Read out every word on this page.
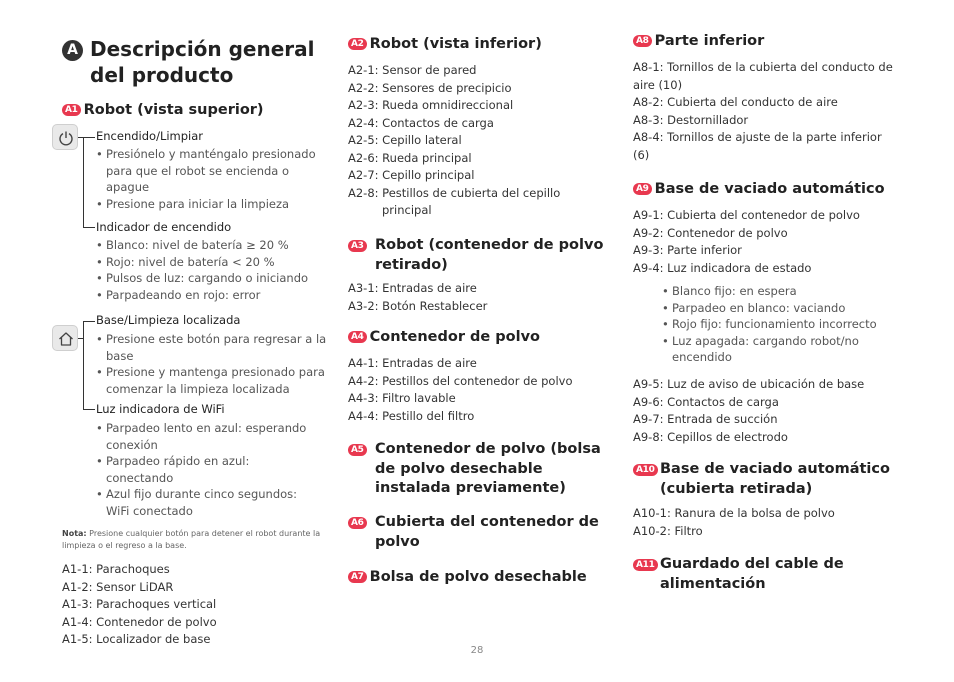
A Descripción general del producto
A1 Robot (vista superior)
Encendido/Limpiar
• Presiónelo y manténgalo presionado para que el robot se encienda o apague
• Presione para iniciar la limpieza
Indicador de encendido
• Blanco: nivel de batería ≥ 20 %
• Rojo: nivel de batería < 20 %
• Pulsos de luz: cargando o iniciando
• Parpadeando en rojo: error
Base/Limpieza localizada
• Presione este botón para regresar a la base
• Presione y mantenga presionado para comenzar la limpieza localizada
Luz indicadora de WiFi
• Parpadeo lento en azul: esperando conexión
• Parpadeo rápido en azul: conectando
• Azul fijo durante cinco segundos: WiFi conectado
Nota: Presione cualquier botón para detener el robot durante la limpieza o el regreso a la base.
A1-1: Parachoques
A1-2: Sensor LiDAR
A1-3: Parachoques vertical
A1-4: Contenedor de polvo
A1-5: Localizador de base
A2 Robot (vista inferior)
A2-1: Sensor de pared
A2-2: Sensores de precipicio
A2-3: Rueda omnidireccional
A2-4: Contactos de carga
A2-5: Cepillo lateral
A2-6: Rueda principal
A2-7: Cepillo principal
A2-8: Pestillos de cubierta del cepillo principal
A3 Robot (contenedor de polvo retirado)
A3-1: Entradas de aire
A3-2: Botón Restablecer
A4 Contenedor de polvo
A4-1: Entradas de aire
A4-2: Pestillos del contenedor de polvo
A4-3: Filtro lavable
A4-4: Pestillo del filtro
A5 Contenedor de polvo (bolsa de polvo desechable instalada previamente)
A6 Cubierta del contenedor de polvo
A7 Bolsa de polvo desechable
A8 Parte inferior
A8-1: Tornillos de la cubierta del conducto de aire (10)
A8-2: Cubierta del conducto de aire
A8-3: Destornillador
A8-4: Tornillos de ajuste de la parte inferior (6)
A9 Base de vaciado automático
A9-1: Cubierta del contenedor de polvo
A9-2: Contenedor de polvo
A9-3: Parte inferior
A9-4: Luz indicadora de estado
• Blanco fijo: en espera
• Parpadeo en blanco: vaciando
• Rojo fijo: funcionamiento incorrecto
• Luz apagada: cargando robot/no encendido
A9-5: Luz de aviso de ubicación de base
A9-6: Contactos de carga
A9-7: Entrada de succión
A9-8: Cepillos de electrodo
A10 Base de vaciado automático (cubierta retirada)
A10-1: Ranura de la bolsa de polvo
A10-2: Filtro
A11 Guardado del cable de alimentación
28
